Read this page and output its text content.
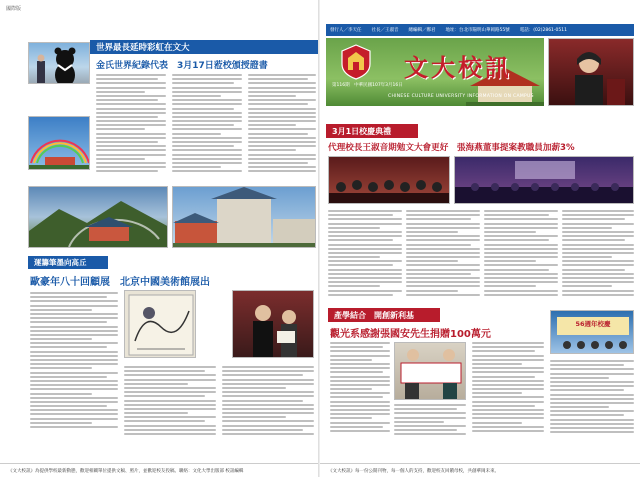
國際版
世界最長延時彩虹在文大
金氏世界紀錄代表　3月17日蒞校頒授證書
運籌筆墨向高丘
歐豪年八十回顧展　北京中國美術館展出
《文大校訊》為提供學校最新動態，歡迎相關單位提供文稿、照片，並歡迎校友投稿。聯絡：文化大學出版部 校訊編輯
發行人／李天任 社長／王淑音 總編輯／鄭君 地址：台北市陽明山華岡路55號 電話：(02)2861-0511
文大校訊
第116期　中華民國107年3月16日
CHINESE CULTURE UNIVERSITY INFORMATION ON CAMPUS
3月1日校慶典禮
代理校長王淑音期勉文大會更好　張海燕董事提案教職員加薪3%
產學結合　開創新利基
觀光系感謝張國安先生捐贈100萬元
56週年校慶
《文大校訊》每一份公開刊物，每一個人的支持，歡迎校友回饋母校，共創華岡未來。
